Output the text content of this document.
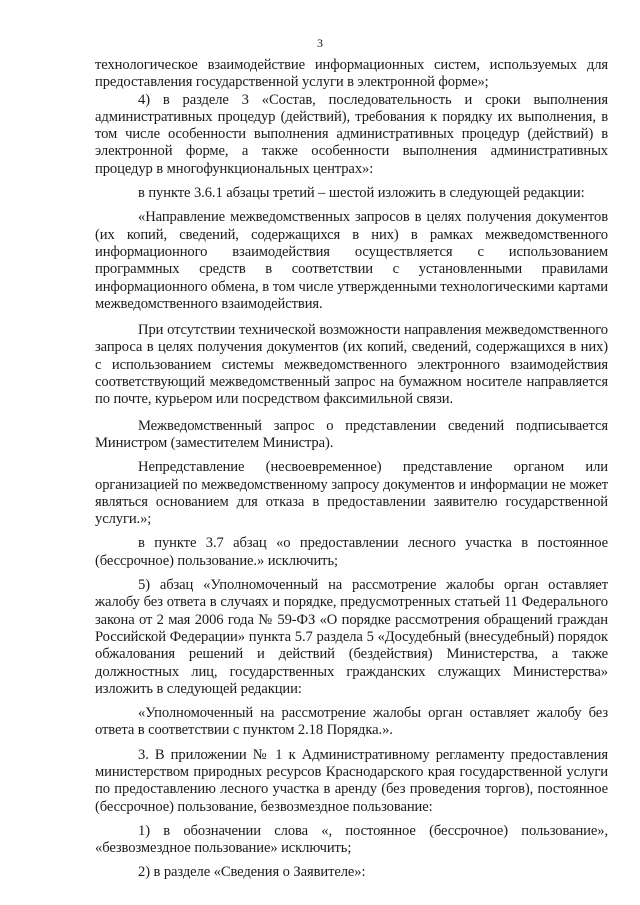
3

технологическое взаимодействие информационных систем, используемых для предоставления государственной услуги в электронной форме»;

4) в разделе 3 «Состав, последовательность и сроки выполнения административных процедур (действий), требования к порядку их выполнения, в том числе особенности выполнения административных процедур (действий) в электронной форме, а также особенности выполнения административных процедур в многофункциональных центрах»:

в пункте 3.6.1 абзацы третий – шестой изложить в следующей редакции:

«Направление межведомственных запросов в целях получения документов (их копий, сведений, содержащихся в них) в рамках межведомственного информационного взаимодействия осуществляется с использованием программных средств в соответствии с установленными правилами информационного обмена, в том числе утвержденными технологическими картами межведомственного взаимодействия.

При отсутствии технической возможности направления межведомственного запроса в целях получения документов (их копий, сведений, содержащихся в них) с использованием системы межведомственного электронного взаимодействия соответствующий межведомственный запрос на бумажном носителе направляется по почте, курьером или посредством факсимильной связи.

Межведомственный запрос о представлении сведений подписывается Министром (заместителем Министра).

Непредставление (несвоевременное) представление органом или организацией по межведомственному запросу документов и информации не может являться основанием для отказа в предоставлении заявителю государственной услуги.»;

в пункте 3.7 абзац «о предоставлении лесного участка в постоянное (бессрочное) пользование.» исключить;

5) абзац «Уполномоченный на рассмотрение жалобы орган оставляет жалобу без ответа в случаях и порядке, предусмотренных статьей 11 Федерального закона от 2 мая 2006 года № 59-ФЗ «О порядке рассмотрения обращений граждан Российской Федерации» пункта 5.7 раздела 5 «Досудебный (внесудебный) порядок обжалования решений и действий (бездействия) Министерства, а также должностных лиц, государственных гражданских служащих Министерства» изложить в следующей редакции:

«Уполномоченный на рассмотрение жалобы орган оставляет жалобу без ответа в соответствии с пунктом 2.18 Порядка.».

3. В приложении № 1 к Административному регламенту предоставления министерством природных ресурсов Краснодарского края государственной услуги по предоставлению лесного участка в аренду (без проведения торгов), постоянное (бессрочное) пользование, безвозмездное пользование:

1) в обозначении слова «, постоянное (бессрочное) пользование», «безвозмездное пользование» исключить;

2) в разделе «Сведения о Заявителе»:
